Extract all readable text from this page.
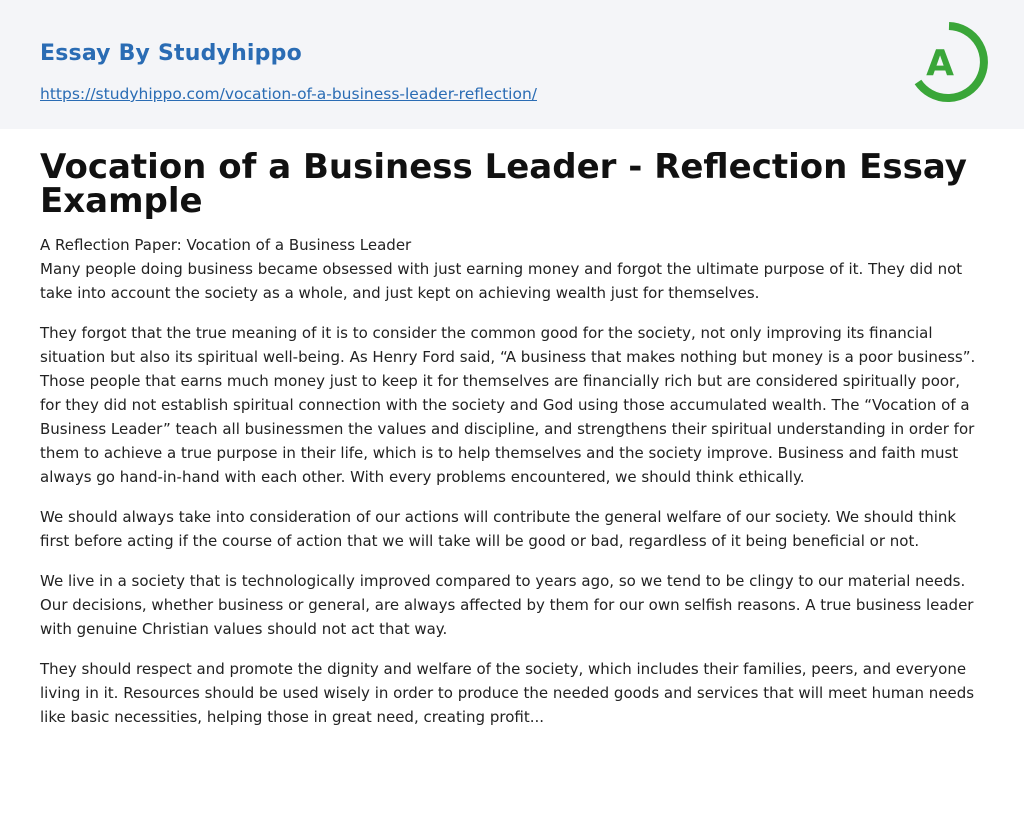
Essay By Studyhippo
https://studyhippo.com/vocation-of-a-business-leader-reflection/
A
Vocation of a Business Leader - Reflection Essay Example
A Reflection Paper: Vocation of a Business Leader

Many people doing business became obsessed with just earning money and forgot the ultimate purpose of it. They did not take into account the society as a whole, and just kept on achieving wealth just for themselves.

They forgot that the true meaning of it is to consider the common good for the society, not only improving its financial situation but also its spiritual well-being. As Henry Ford said, “A business that makes nothing but money is a poor business”. Those people that earns much money just to keep it for themselves are financially rich but are considered spiritually poor, for they did not establish spiritual connection with the society and God using those accumulated wealth. The “Vocation of a Business Leader” teach all businessmen the values and discipline, and strengthens their spiritual understanding in order for them to achieve a true purpose in their life, which is to help themselves and the society improve. Business and faith must always go hand-in-hand with each other. With every problems encountered, we should think ethically.

We should always take into consideration of our actions will contribute the general welfare of our society. We should think first before acting if the course of action that we will take will be good or bad, regardless of it being beneficial or not.

We live in a society that is technologically improved compared to years ago, so we tend to be clingy to our material needs. Our decisions, whether business or general, are always affected by them for our own selfish reasons. A true business leader with genuine Christian values should not act that way.

They should respect and promote the dignity and welfare of the society, which includes their families, peers, and everyone living in it. Resources should be used wisely in order to produce the needed goods and services that will meet human needs like basic necessities, helping those in great need, creating profit...
